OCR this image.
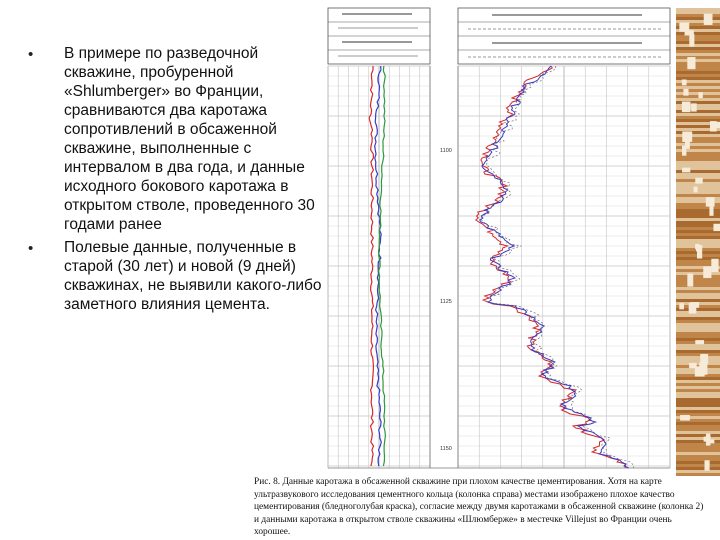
• В примере по разведочной скважине, пробуренной «Shlumberger» во Франции, сравниваются два каротажа сопротивлений в обсаженной скважине, выполненные с интервалом в два года, и данные исходного бокового каротажа в открытом стволе, проведенного 30 годами ранее
• Полевые данные, полученные в старой (30 лет) и новой (9 дней) скважинах, не выявили какого-либо заметного влияния цемента.
1100
1125
1150
Рис. 8. Данные каротажа в обсаженной скважине при плохом качестве цементирования. Хотя на карте ультразвукового исследования цементного кольца (колонка справа) местами изображено плохое качество цементирования (бледноголубая краска), согласие между двумя каротажами в обсаженной скважине (колонка 2) и данными каротажа в открытом стволе скважины «Шлюмберже» в местечке Villejust во Франции очень хорошее.
